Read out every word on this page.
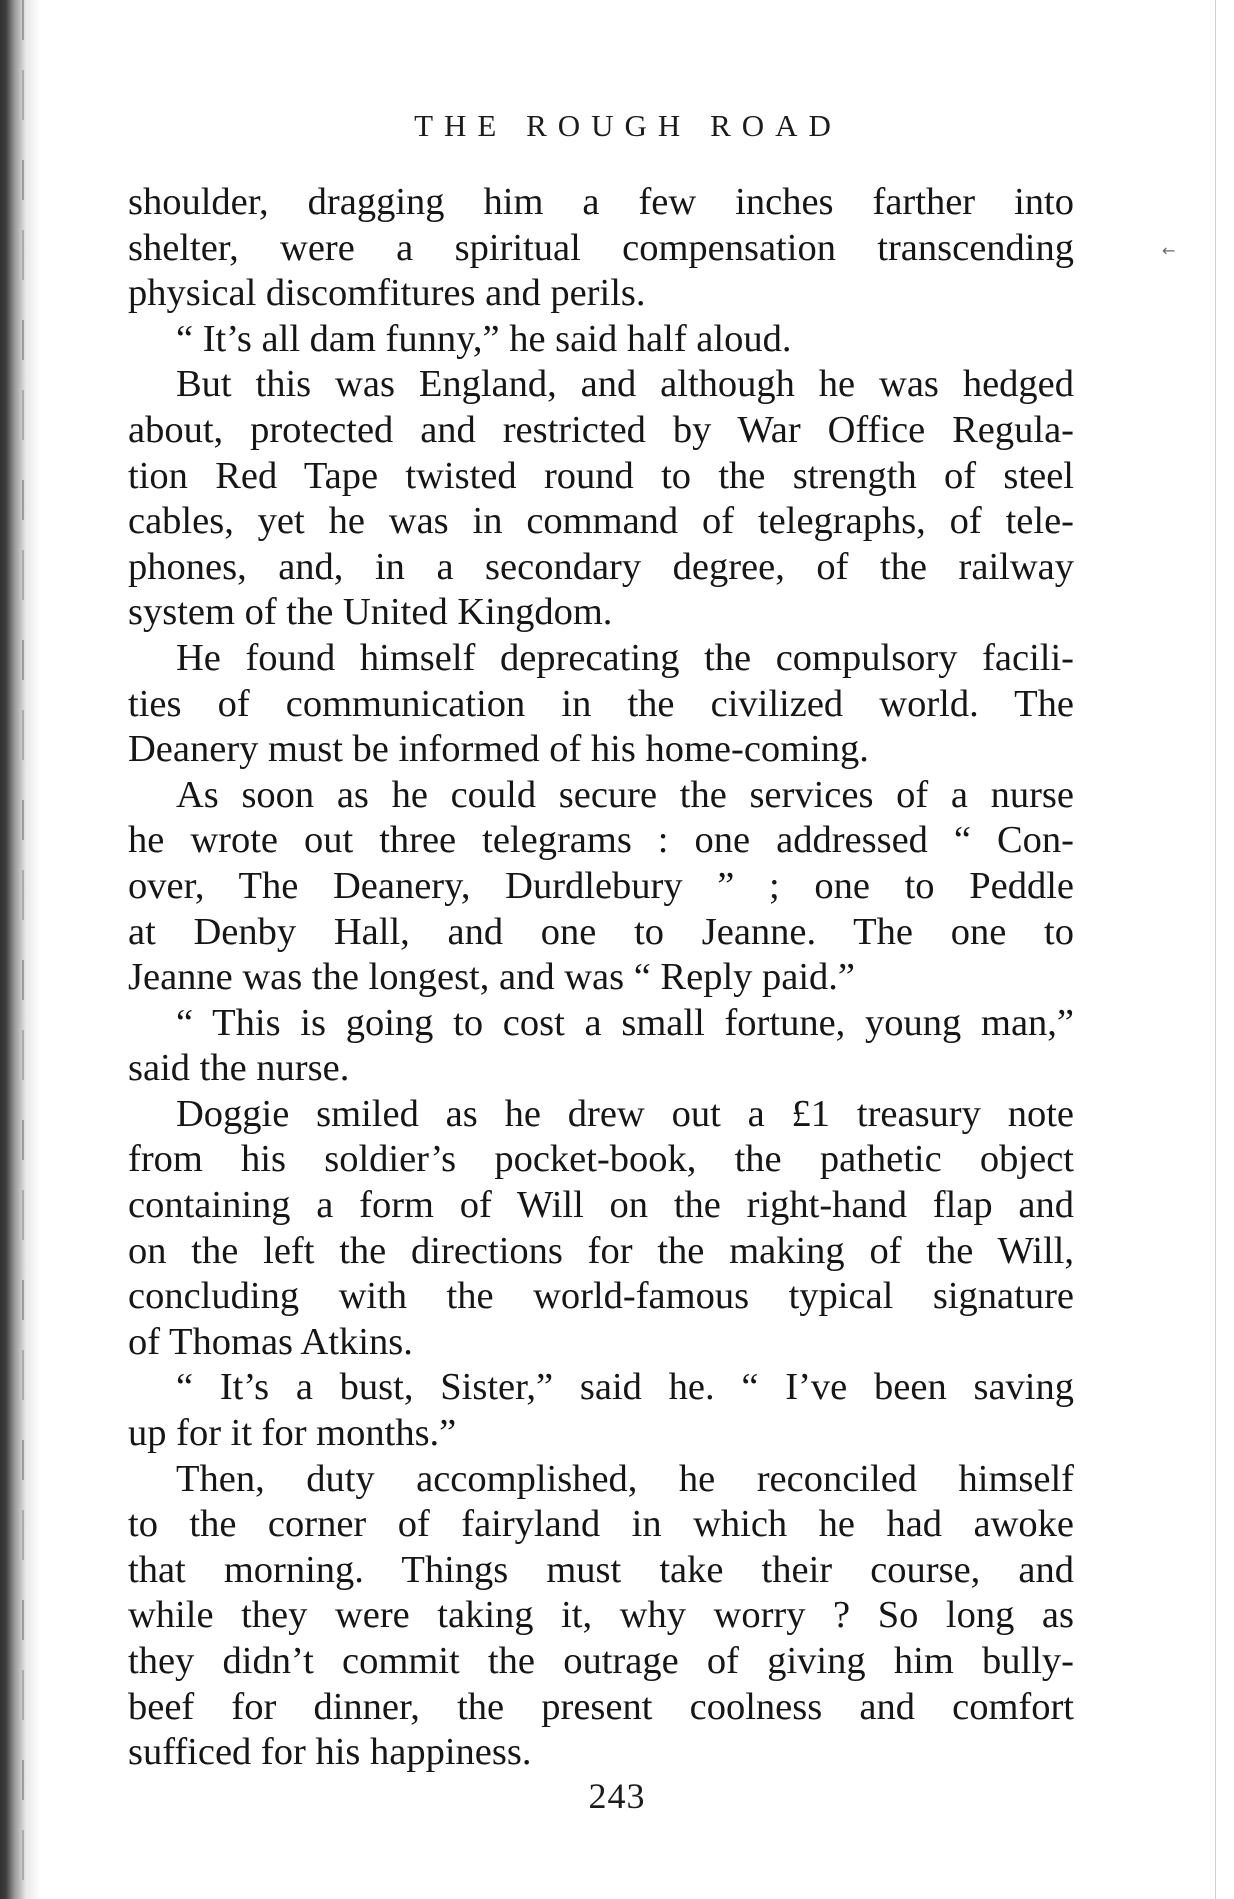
←
THE ROUGH ROAD
shoulder, dragging him a few inches farther into
shelter, were a spiritual compensation transcending
physical discomfitures and perils.
“ It’s all dam funny,” he said half aloud.
But this was England, and although he was hedged
about, protected and restricted by War Office Regula-
tion Red Tape twisted round to the strength of steel
cables, yet he was in command of telegraphs, of tele-
phones, and, in a secondary degree, of the railway
system of the United Kingdom.
He found himself deprecating the compulsory facili-
ties of communication in the civilized world. The
Deanery must be informed of his home-coming.
As soon as he could secure the services of a nurse
he wrote out three telegrams : one addressed “ Con-
over, The Deanery, Durdlebury ” ; one to Peddle
at Denby Hall, and one to Jeanne. The one to
Jeanne was the longest, and was “ Reply paid.”
“ This is going to cost a small fortune, young man,”
said the nurse.
Doggie smiled as he drew out a £1 treasury note
from his soldier’s pocket-book, the pathetic object
containing a form of Will on the right-hand flap and
on the left the directions for the making of the Will,
concluding with the world-famous typical signature
of Thomas Atkins.
“ It’s a bust, Sister,” said he. “ I’ve been saving
up for it for months.”
Then, duty accomplished, he reconciled himself
to the corner of fairyland in which he had awoke
that morning. Things must take their course, and
while they were taking it, why worry ? So long as
they didn’t commit the outrage of giving him bully-
beef for dinner, the present coolness and comfort
sufficed for his happiness.
243
